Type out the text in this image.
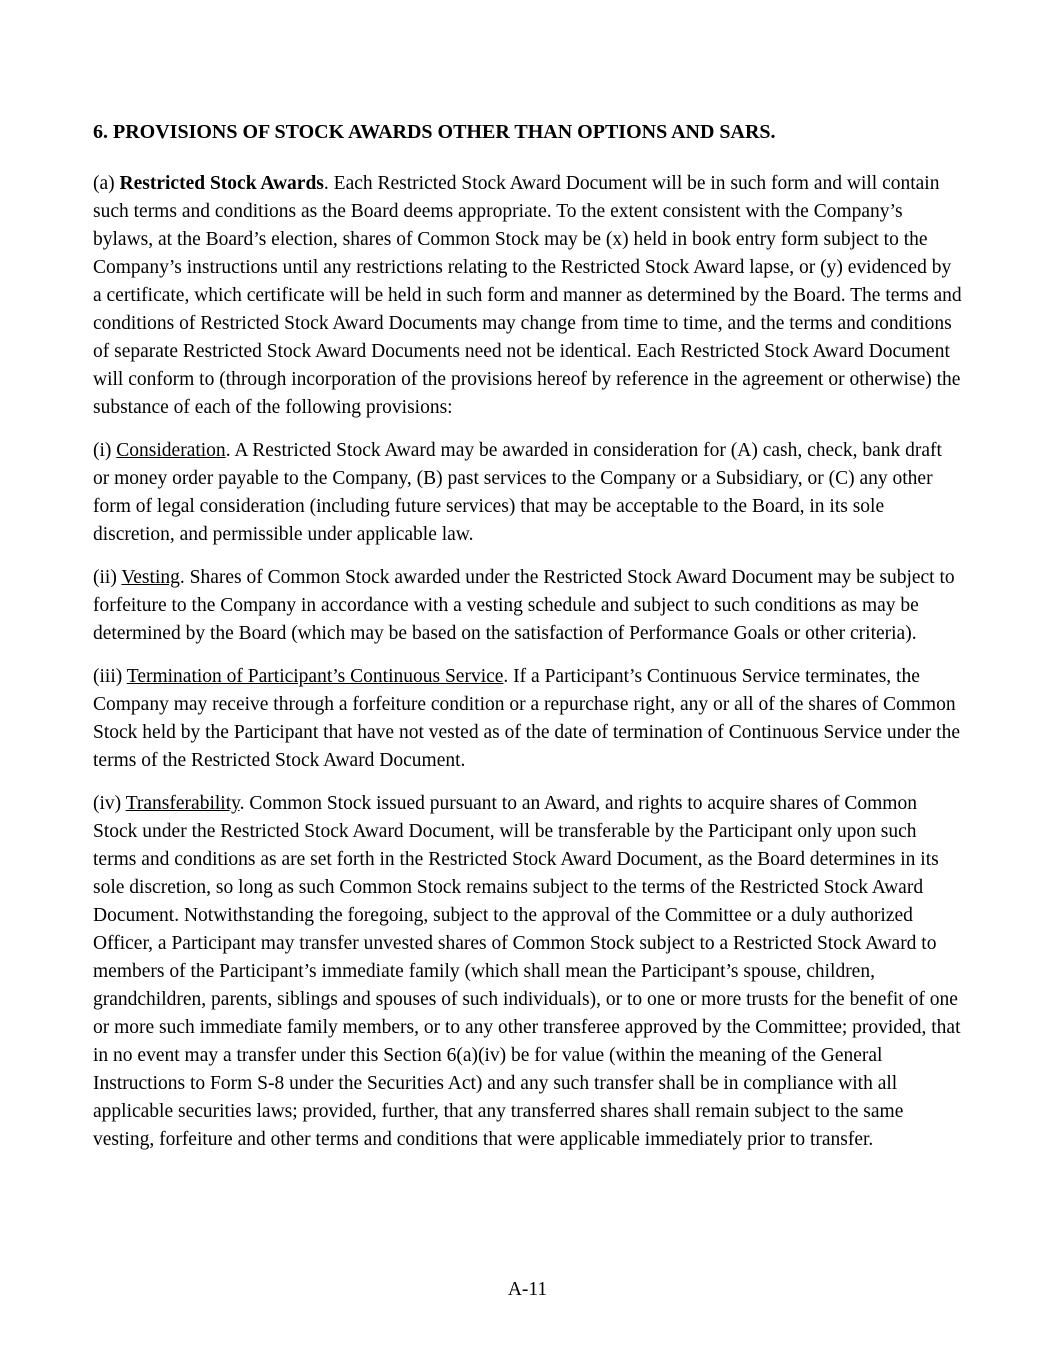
6. PROVISIONS OF STOCK AWARDS OTHER THAN OPTIONS AND SARS.

(a) Restricted Stock Awards. Each Restricted Stock Award Document will be in such form and will contain such terms and conditions as the Board deems appropriate. To the extent consistent with the Company’s bylaws, at the Board’s election, shares of Common Stock may be (x) held in book entry form subject to the Company’s instructions until any restrictions relating to the Restricted Stock Award lapse, or (y) evidenced by a certificate, which certificate will be held in such form and manner as determined by the Board. The terms and conditions of Restricted Stock Award Documents may change from time to time, and the terms and conditions of separate Restricted Stock Award Documents need not be identical. Each Restricted Stock Award Document will conform to (through incorporation of the provisions hereof by reference in the agreement or otherwise) the substance of each of the following provisions:

(i) Consideration. A Restricted Stock Award may be awarded in consideration for (A) cash, check, bank draft or money order payable to the Company, (B) past services to the Company or a Subsidiary, or (C) any other form of legal consideration (including future services) that may be acceptable to the Board, in its sole discretion, and permissible under applicable law.

(ii) Vesting. Shares of Common Stock awarded under the Restricted Stock Award Document may be subject to forfeiture to the Company in accordance with a vesting schedule and subject to such conditions as may be determined by the Board (which may be based on the satisfaction of Performance Goals or other criteria).

(iii) Termination of Participant’s Continuous Service. If a Participant’s Continuous Service terminates, the Company may receive through a forfeiture condition or a repurchase right, any or all of the shares of Common Stock held by the Participant that have not vested as of the date of termination of Continuous Service under the terms of the Restricted Stock Award Document.

(iv) Transferability. Common Stock issued pursuant to an Award, and rights to acquire shares of Common Stock under the Restricted Stock Award Document, will be transferable by the Participant only upon such terms and conditions as are set forth in the Restricted Stock Award Document, as the Board determines in its sole discretion, so long as such Common Stock remains subject to the terms of the Restricted Stock Award Document. Notwithstanding the foregoing, subject to the approval of the Committee or a duly authorized Officer, a Participant may transfer unvested shares of Common Stock subject to a Restricted Stock Award to members of the Participant’s immediate family (which shall mean the Participant’s spouse, children, grandchildren, parents, siblings and spouses of such individuals), or to one or more trusts for the benefit of one or more such immediate family members, or to any other transferee approved by the Committee; provided, that in no event may a transfer under this Section 6(a)(iv) be for value (within the meaning of the General Instructions to Form S-8 under the Securities Act) and any such transfer shall be in compliance with all applicable securities laws; provided, further, that any transferred shares shall remain subject to the same vesting, forfeiture and other terms and conditions that were applicable immediately prior to transfer.

A-11
